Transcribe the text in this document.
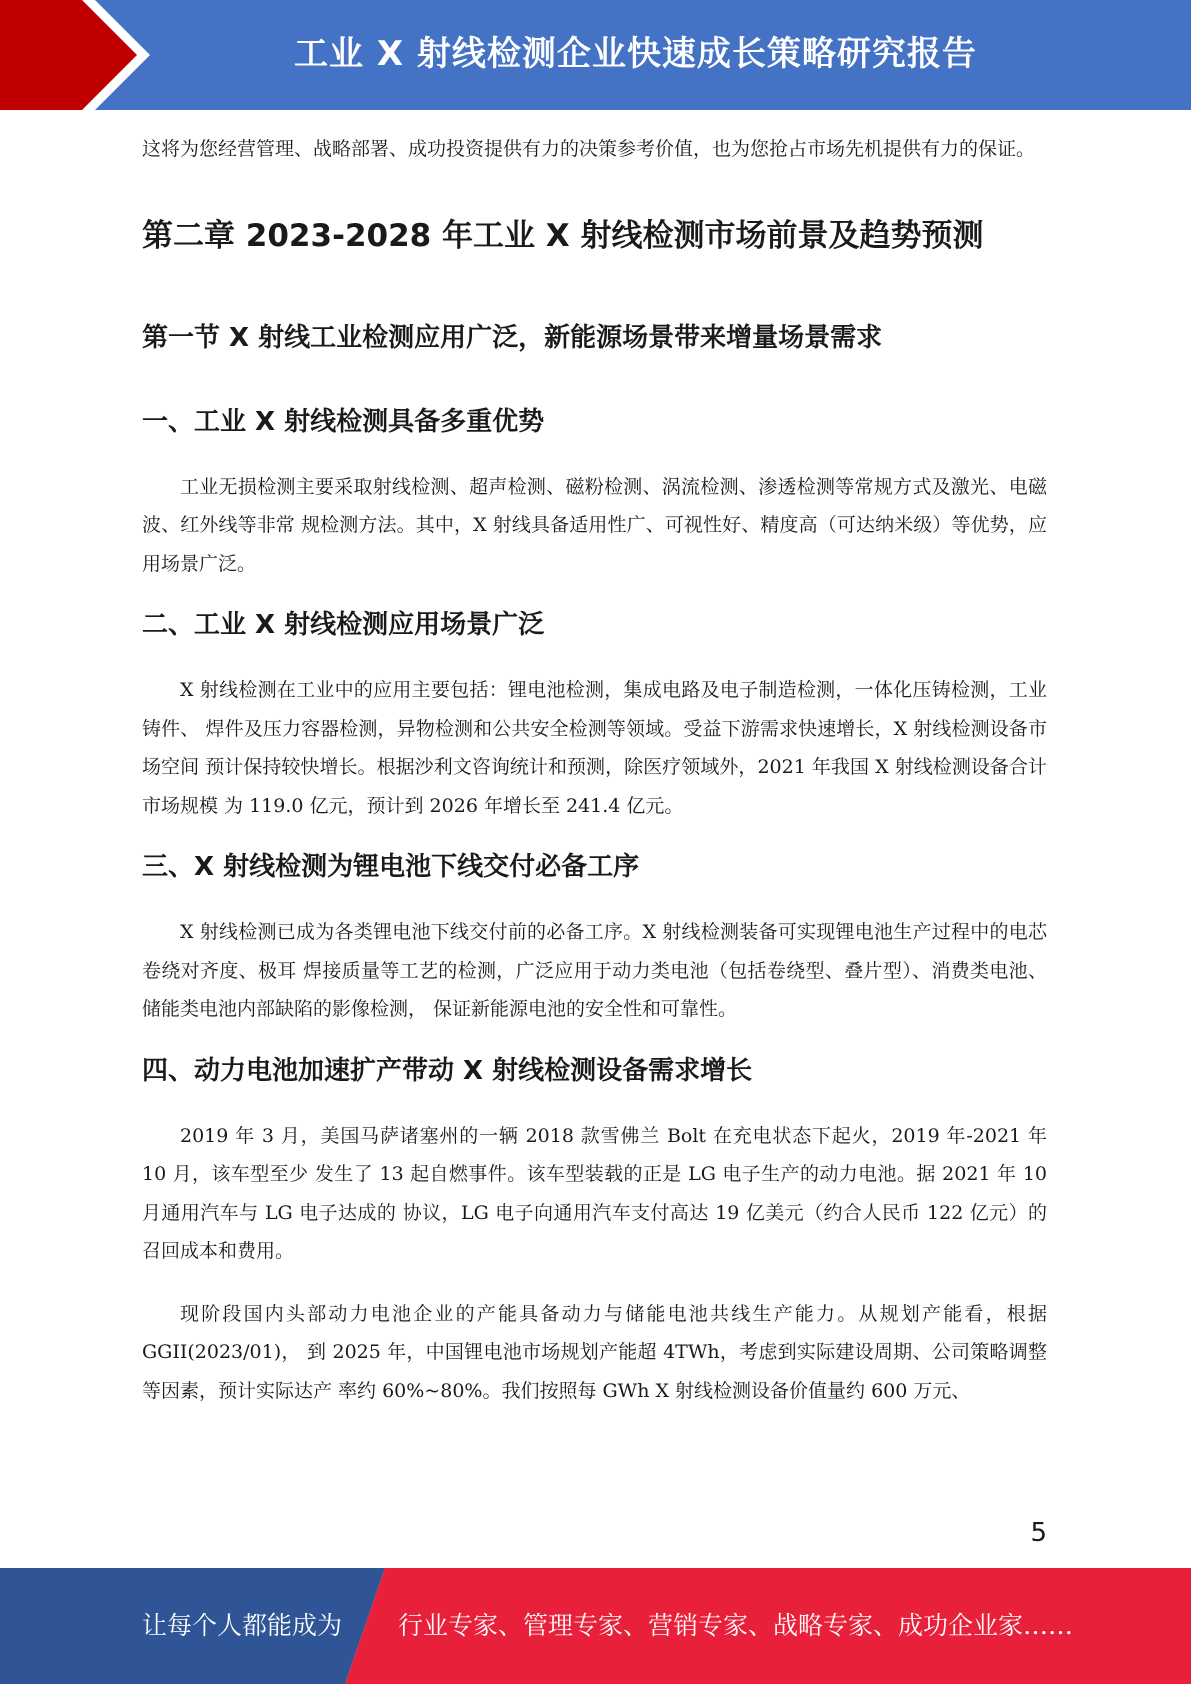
工业 X 射线检测企业快速成长策略研究报告

这将为您经营管理、战略部署、成功投资提供有力的决策参考价值，也为您抢占市场先机提供有力的保证。

第二章 2023-2028 年工业 X 射线检测市场前景及趋势预测
第一节 X 射线工业检测应用广泛，新能源场景带来增量场景需求
一、工业 X 射线检测具备多重优势

工业无损检测主要采取射线检测、超声检测、磁粉检测、涡流检测、渗透检测等常规方式及激光、电磁波、红外线等非常 规检测方法。其中，X 射线具备适用性广、可视性好、精度高（可达纳米级）等优势，应用场景广泛。

二、工业 X 射线检测应用场景广泛

X 射线检测在工业中的应用主要包括：锂电池检测，集成电路及电子制造检测，一体化压铸检测，工业铸件、 焊件及压力容器检测，异物检测和公共安全检测等领域。受益下游需求快速增长，X 射线检测设备市场空间 预计保持较快增长。根据沙利文咨询统计和预测，除医疗领域外，2021 年我国 X 射线检测设备合计市场规模 为 119.0 亿元，预计到 2026 年增长至 241.4 亿元。

三、X 射线检测为锂电池下线交付必备工序

X 射线检测已成为各类锂电池下线交付前的必备工序。X 射线检测装备可实现锂电池生产过程中的电芯卷绕对齐度、极耳 焊接质量等工艺的检测，广泛应用于动力类电池（包括卷绕型、叠片型）、消费类电池、储能类电池内部缺陷的影像检测， 保证新能源电池的安全性和可靠性。

四、动力电池加速扩产带动 X 射线检测设备需求增长

2019 年 3 月，美国马萨诸塞州的一辆 2018 款雪佛兰 Bolt 在充电状态下起火，2019 年-2021 年 10 月，该车型至少 发生了 13 起自燃事件。该车型装载的正是 LG 电子生产的动力电池。据 2021 年 10 月通用汽车与 LG 电子达成的 协议，LG 电子向通用汽车支付高达 19 亿美元（约合人民币 122 亿元）的召回成本和费用。

现阶段国内头部动力电池企业的产能具备动力与储能电池共线生产能力。从规划产能看，根据 GGII(2023/01)， 到 2025 年，中国锂电池市场规划产能超 4TWh，考虑到实际建设周期、公司策略调整等因素，预计实际达产 率约 60%~80%。我们按照每 GWh X 射线检测设备价值量约 600 万元、

5
让每个人都能成为 行业专家、管理专家、营销专家、战略专家、成功企业家……
